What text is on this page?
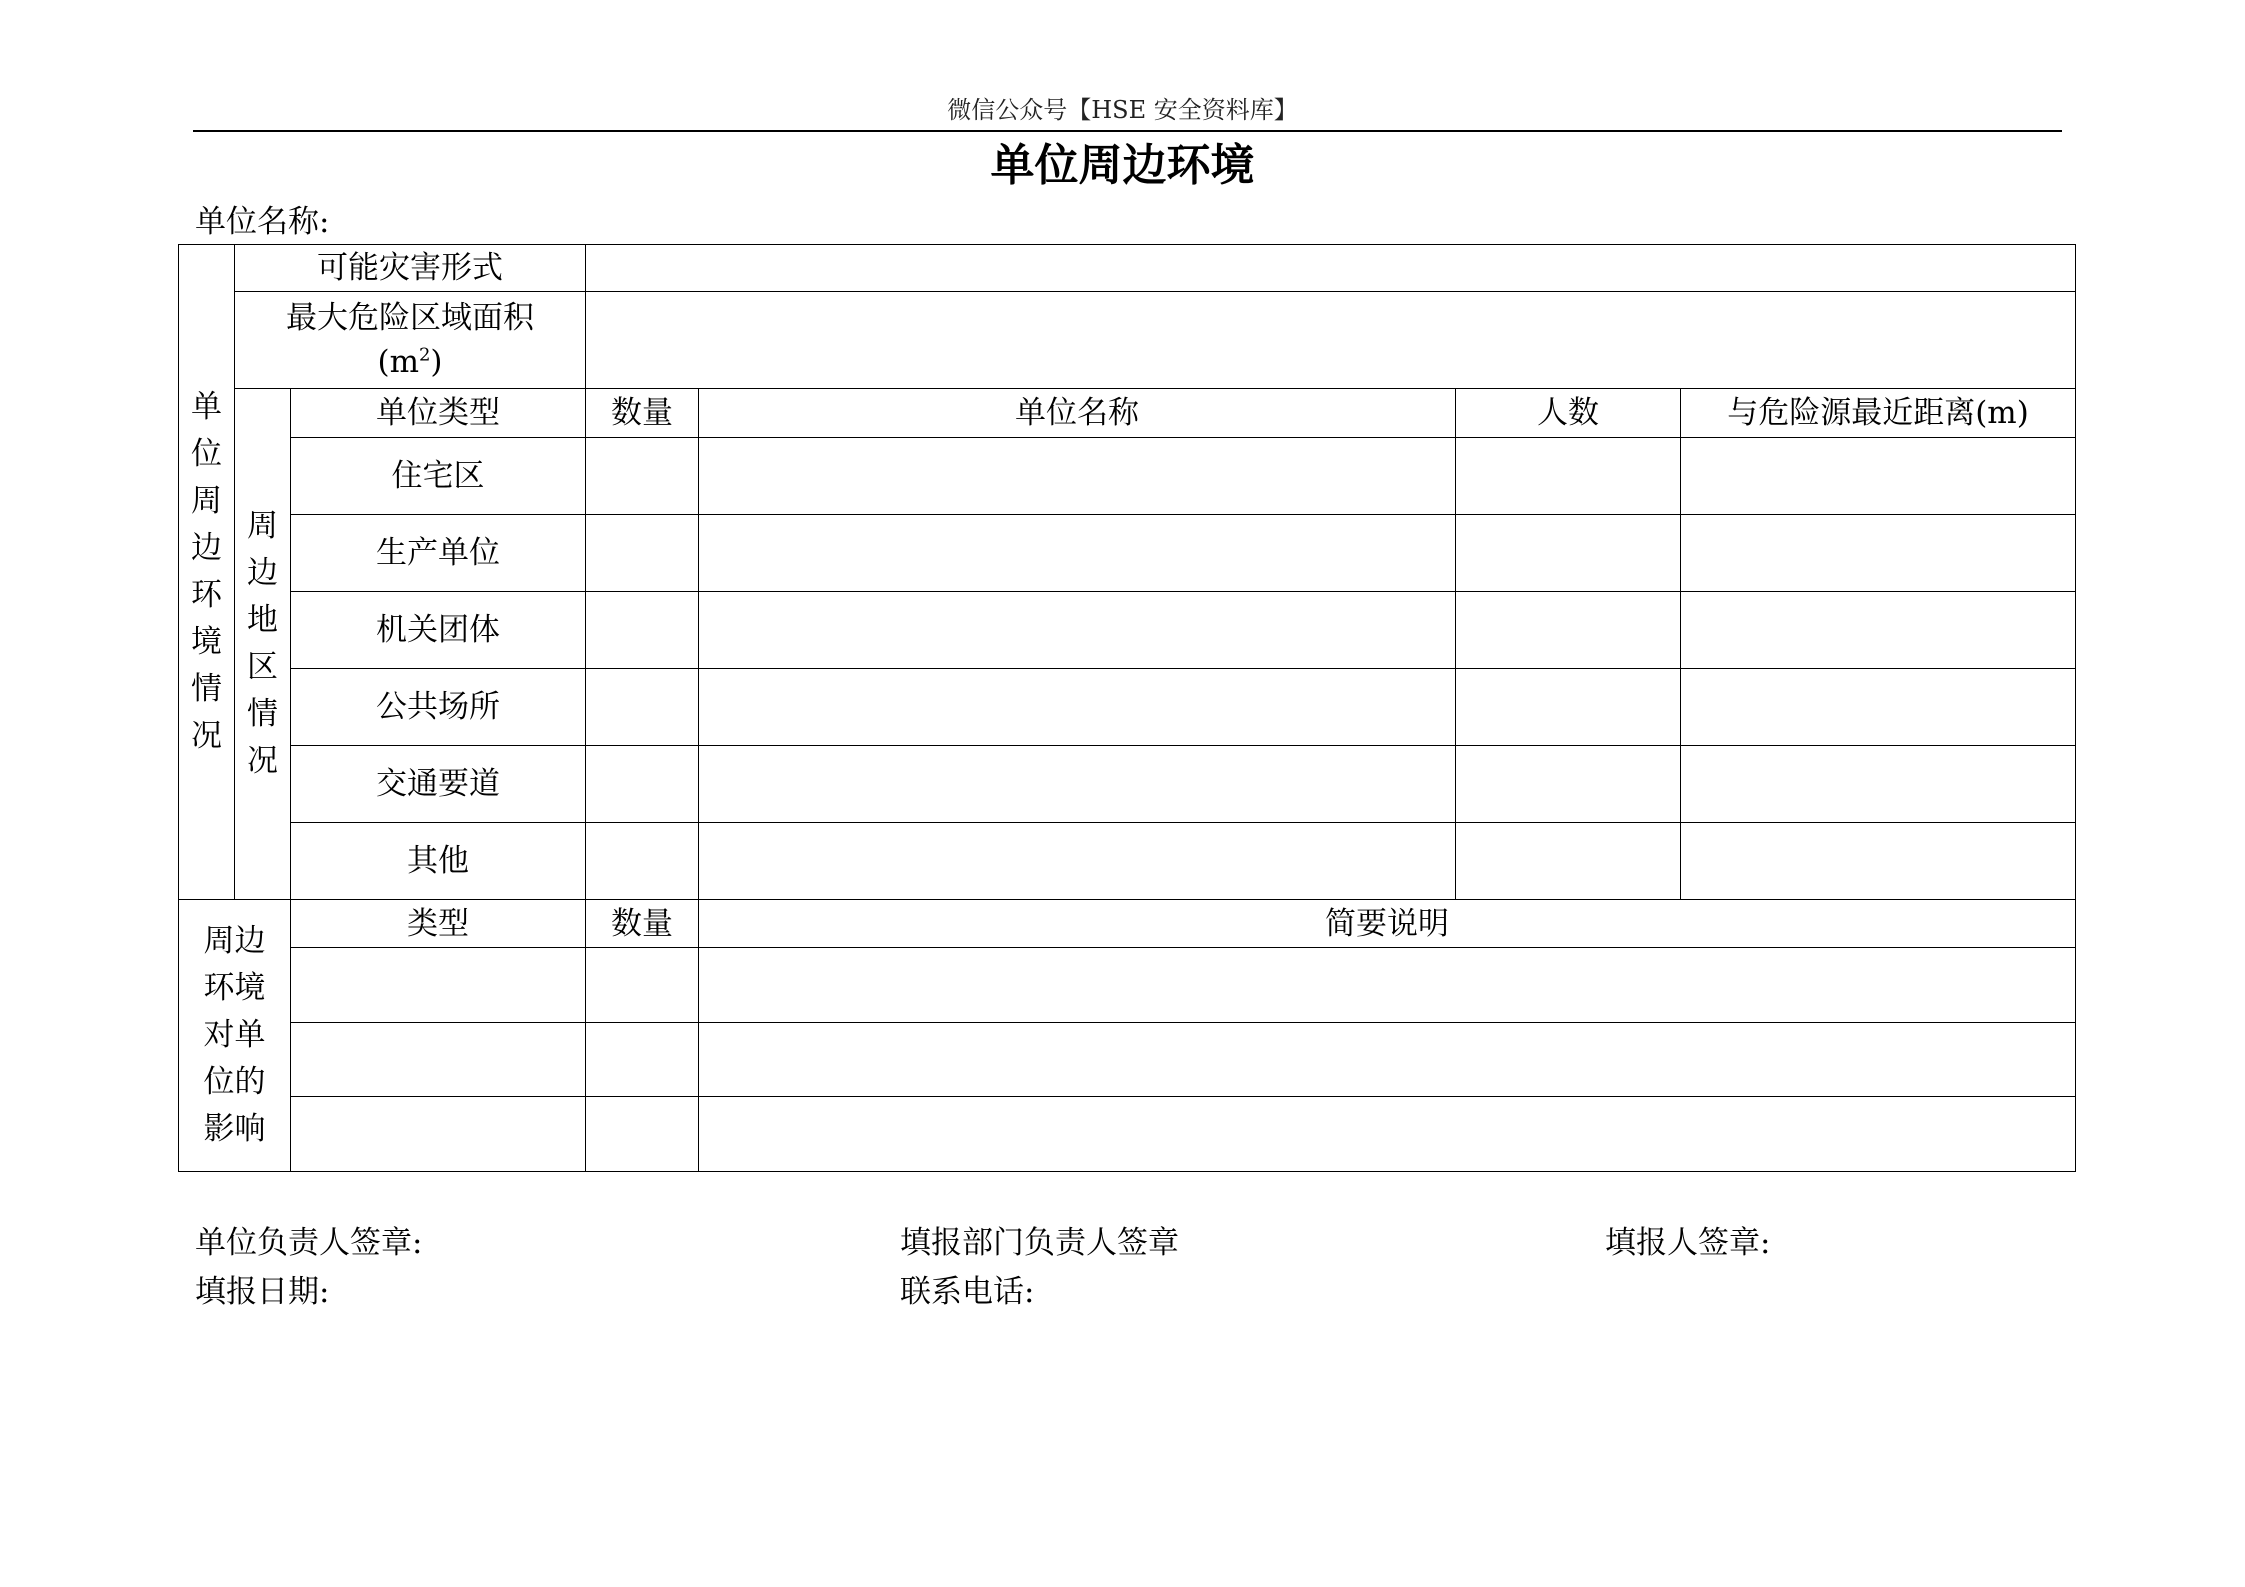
微信公众号【HSE 安全资料库】
单位周边环境
单位名称:
单位周边环境情况	可能灾害形式					

	最大危险区域面积
$(m^2)$					

	周边地区情况	单位类型	数量	单位名称	人数	与危险源最近距离(m)
		住宅区				
		生产单位				
		机关团体				
		公共场所				
		交通要道				
		其他				

周边环境对单位的影响		类型	数量	简要说明		

单位负责人签章:	填报部门负责人签章	填报人签章:
填报日期:	联系电话:
